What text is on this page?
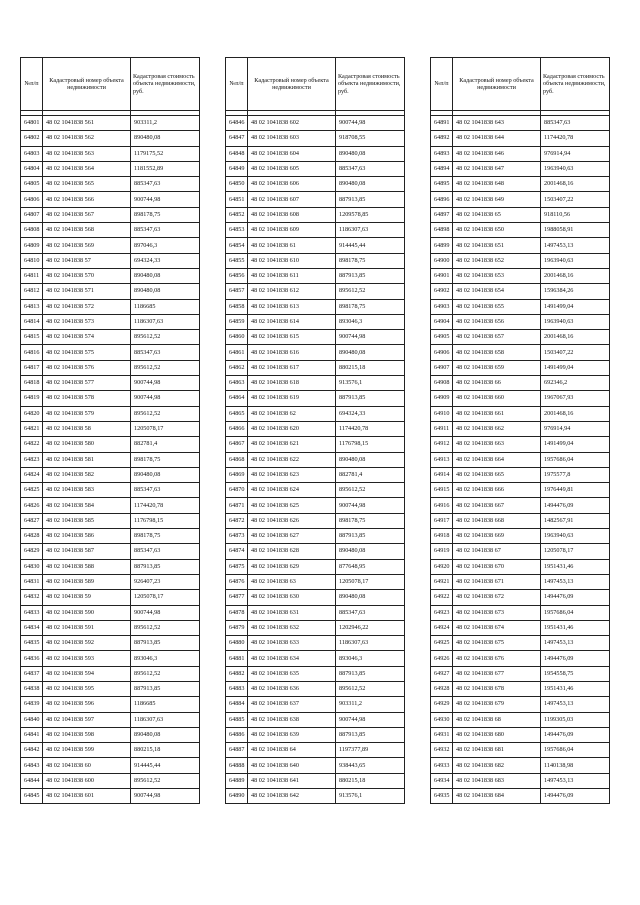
№п/п	Кадастровый номер объекта недвижимости	Кадастровая стоимость объекта недвижимости, руб.

64801	48 02 1041838 561	903311,2
64802	48 02 1041838 562	890480,08
64803	48 02 1041838 563	1179175,52
64804	48 02 1041838 564	1181552,89
64805	48 02 1041838 565	885347,63
64806	48 02 1041838 566	900744,98
64807	48 02 1041838 567	898178,75
64808	48 02 1041838 568	885347,63
64809	48 02 1041838 569	897046,3
64810	48 02 1041838 57	694324,33
64811	48 02 1041838 570	890480,08
64812	48 02 1041838 571	890480,08
64813	48 02 1041838 572	1186685
64814	48 02 1041838 573	1186307,63
64815	48 02 1041838 574	895612,52
64816	48 02 1041838 575	885347,63
64817	48 02 1041838 576	895612,52
64818	48 02 1041838 577	900744,98
64819	48 02 1041838 578	900744,98
64820	48 02 1041838 579	895612,52
64821	48 02 1041838 58	1205078,17
64822	48 02 1041838 580	882781,4
64823	48 02 1041838 581	898178,75
64824	48 02 1041838 582	890480,08
64825	48 02 1041838 583	885347,63
64826	48 02 1041838 584	1174420,78
64827	48 02 1041838 585	1176798,15
64828	48 02 1041838 586	898178,75
64829	48 02 1041838 587	885347,63
64830	48 02 1041838 588	887913,85
64831	48 02 1041838 589	926407,23
64832	48 02 1041838 59	1205078,17
64833	48 02 1041838 590	900744,98
64834	48 02 1041838 591	895612,52
64835	48 02 1041838 592	887913,85
64836	48 02 1041838 593	893046,3
64837	48 02 1041838 594	895612,52
64838	48 02 1041838 595	887913,85
64839	48 02 1041838 596	1186685
64840	48 02 1041838 597	1186307,63
64841	48 02 1041838 598	890480,08
64842	48 02 1041838 599	880215,18
64843	48 02 1041838 60	914445,44
64844	48 02 1041838 600	895612,52
64845	48 02 1041838 601	900744,98
№п/п	Кадастровый номер объекта недвижимости	Кадастровая стоимость объекта недвижимости, руб.

64846	48 02 1041838 602	900744,98
64847	48 02 1041838 603	918708,55
64848	48 02 1041838 604	890480,08
64849	48 02 1041838 605	885347,63
64850	48 02 1041838 606	890480,08
64851	48 02 1041838 607	887913,85
64852	48 02 1041838 608	1209578,85
64853	48 02 1041838 609	1186307,63
64854	48 02 1041838 61	914445,44
64855	48 02 1041838 610	898178,75
64856	48 02 1041838 611	887913,85
64857	48 02 1041838 612	895612,52
64858	48 02 1041838 613	898178,75
64859	48 02 1041838 614	893046,3
64860	48 02 1041838 615	900744,98
64861	48 02 1041838 616	890480,08
64862	48 02 1041838 617	880215,18
64863	48 02 1041838 618	913576,1
64864	48 02 1041838 619	887913,85
64865	48 02 1041838 62	694324,33
64866	48 02 1041838 620	1174420,78
64867	48 02 1041838 621	1176798,15
64868	48 02 1041838 622	890480,08
64869	48 02 1041838 623	882781,4
64870	48 02 1041838 624	895612,52
64871	48 02 1041838 625	900744,98
64872	48 02 1041838 626	898178,75
64873	48 02 1041838 627	887913,85
64874	48 02 1041838 628	890480,08
64875	48 02 1041838 629	877648,95
64876	48 02 1041838 63	1205078,17
64877	48 02 1041838 630	890480,08
64878	48 02 1041838 631	885347,63
64879	48 02 1041838 632	1202946,22
64880	48 02 1041838 633	1186307,63
64881	48 02 1041838 634	893046,3
64882	48 02 1041838 635	887913,85
64883	48 02 1041838 636	895612,52
64884	48 02 1041838 637	903311,2
64885	48 02 1041838 638	900744,98
64886	48 02 1041838 639	887913,85
64887	48 02 1041838 64	1197377,89
64888	48 02 1041838 640	938443,65
64889	48 02 1041838 641	880215,18
64890	48 02 1041838 642	913576,1
№п/п	Кадастровый номер объекта недвижимости	Кадастровая стоимость объекта недвижимости, руб.

64891	48 02 1041838 643	885347,63
64892	48 02 1041838 644	1174420,78
64893	48 02 1041838 646	976914,94
64894	48 02 1041838 647	1963940,63
64895	48 02 1041838 648	2001468,16
64896	48 02 1041838 649	1503407,22
64897	48 02 1041838 65	918110,56
64898	48 02 1041838 650	1988058,91
64899	48 02 1041838 651	1497453,13
64900	48 02 1041838 652	1963940,63
64901	48 02 1041838 653	2001468,16
64902	48 02 1041838 654	1596384,26
64903	48 02 1041838 655	1491499,04
64904	48 02 1041838 656	1963940,63
64905	48 02 1041838 657	2001468,16
64906	48 02 1041838 658	1503407,22
64907	48 02 1041838 659	1491499,04
64908	48 02 1041838 66	692346,2
64909	48 02 1041838 660	1967067,93
64910	48 02 1041838 661	2001468,16
64911	48 02 1041838 662	976914,94
64912	48 02 1041838 663	1491499,04
64913	48 02 1041838 664	1957686,04
64914	48 02 1041838 665	1975577,8
64915	48 02 1041838 666	1976449,81
64916	48 02 1041838 667	1494476,09
64917	48 02 1041838 668	1482567,91
64918	48 02 1041838 669	1963940,63
64919	48 02 1041838 67	1205078,17
64920	48 02 1041838 670	1951431,46
64921	48 02 1041838 671	1497453,13
64922	48 02 1041838 672	1494476,09
64923	48 02 1041838 673	1957686,04
64924	48 02 1041838 674	1951431,46
64925	48 02 1041838 675	1497453,13
64926	48 02 1041838 676	1494476,09
64927	48 02 1041838 677	1954558,75
64928	48 02 1041838 678	1951431,46
64929	48 02 1041838 679	1497453,13
64930	48 02 1041838 68	1199305,03
64931	48 02 1041838 680	1494476,09
64932	48 02 1041838 681	1957686,04
64933	48 02 1041838 682	1140138,98
64934	48 02 1041838 683	1497453,13
64935	48 02 1041838 684	1494476,09
